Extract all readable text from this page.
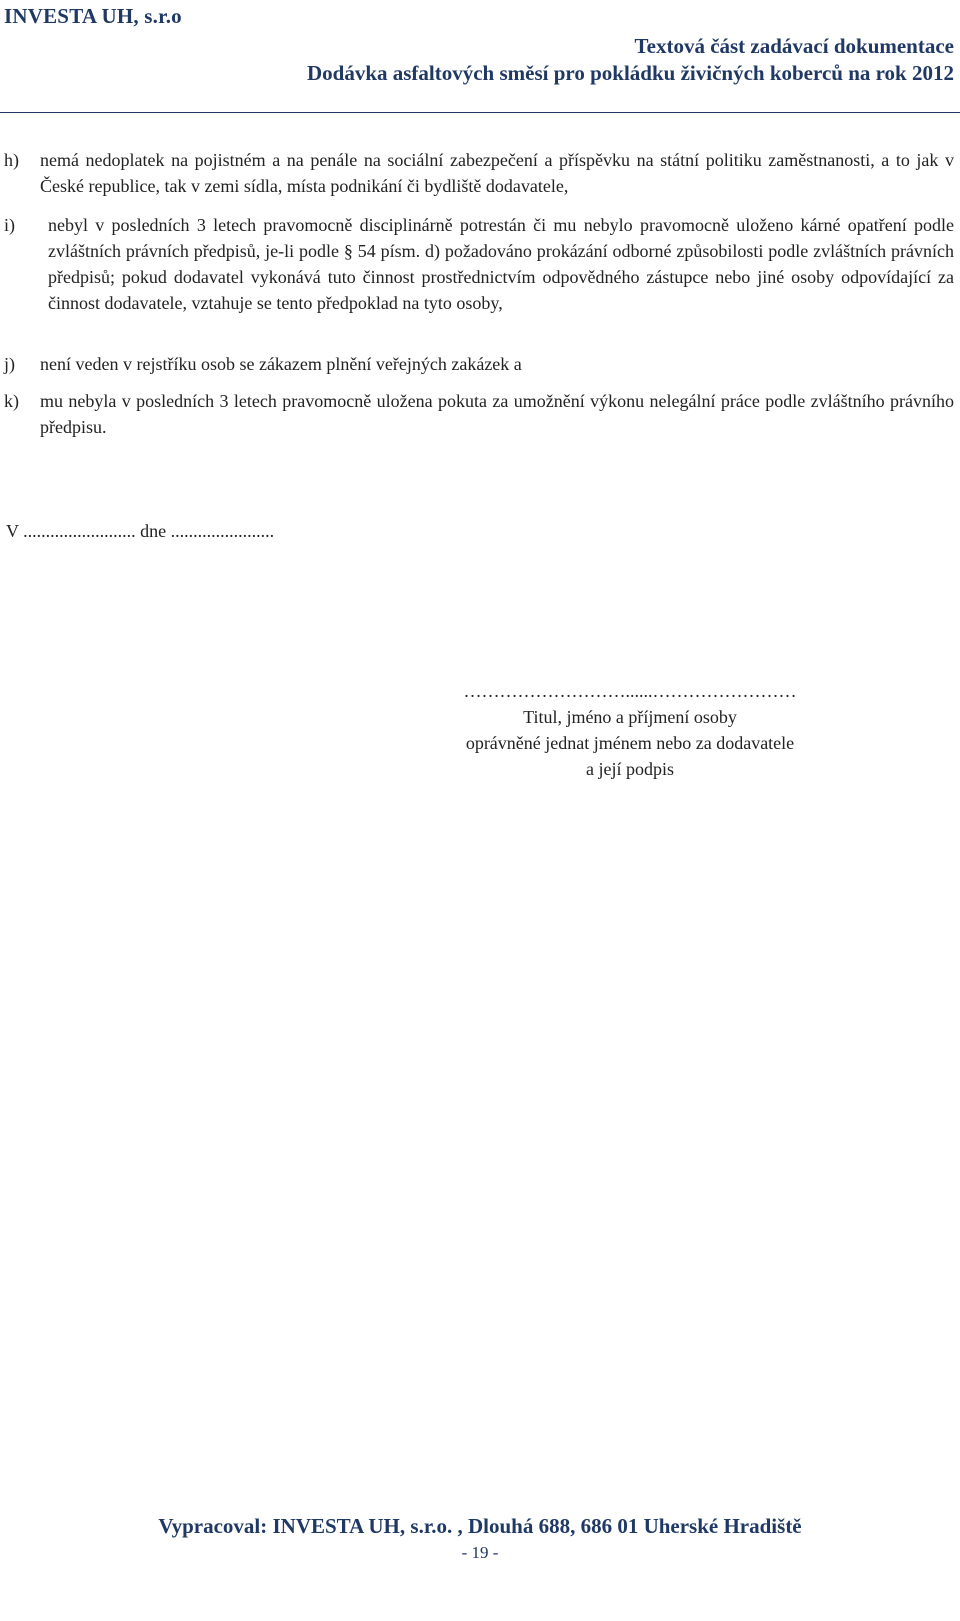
INVESTA UH, s.r.o
Textová část zadávací dokumentace
Dodávka asfaltových směsí pro pokládku živičných koberců na rok 2012
h)	nemá nedoplatek na pojistném a na penále na sociální zabezpečení a příspěvku na státní politiku zaměstnanosti, a to jak v České republice, tak v zemi sídla, místa podnikání či bydliště dodavatele,
i)	nebyl v posledních 3 letech pravomocně disciplinárně potrestán či mu nebylo pravomocně uloženo kárné opatření podle zvláštních právních předpisů, je-li podle § 54 písm. d) požadováno prokázání odborné způsobilosti podle zvláštních právních předpisů; pokud dodavatel vykonává tuto činnost prostřednictvím odpovědného zástupce nebo jiné osoby odpovídající za činnost dodavatele, vztahuje se tento předpoklad na tyto osoby,
j)	není veden v rejstříku osob se zákazem plnění veřejných zakázek a
k)	mu nebyla v posledních 3 letech pravomocně uložena pokuta za umožnění výkonu nelegální práce podle zvláštního právního předpisu.
V ......................... dne .......................
………………………......……………………
Titul, jméno a příjmení osoby
oprávněné jednat jménem nebo za dodavatele
a její podpis
Vypracoval: INVESTA UH, s.r.o. , Dlouhá 688, 686 01 Uherské Hradiště
- 19 -
